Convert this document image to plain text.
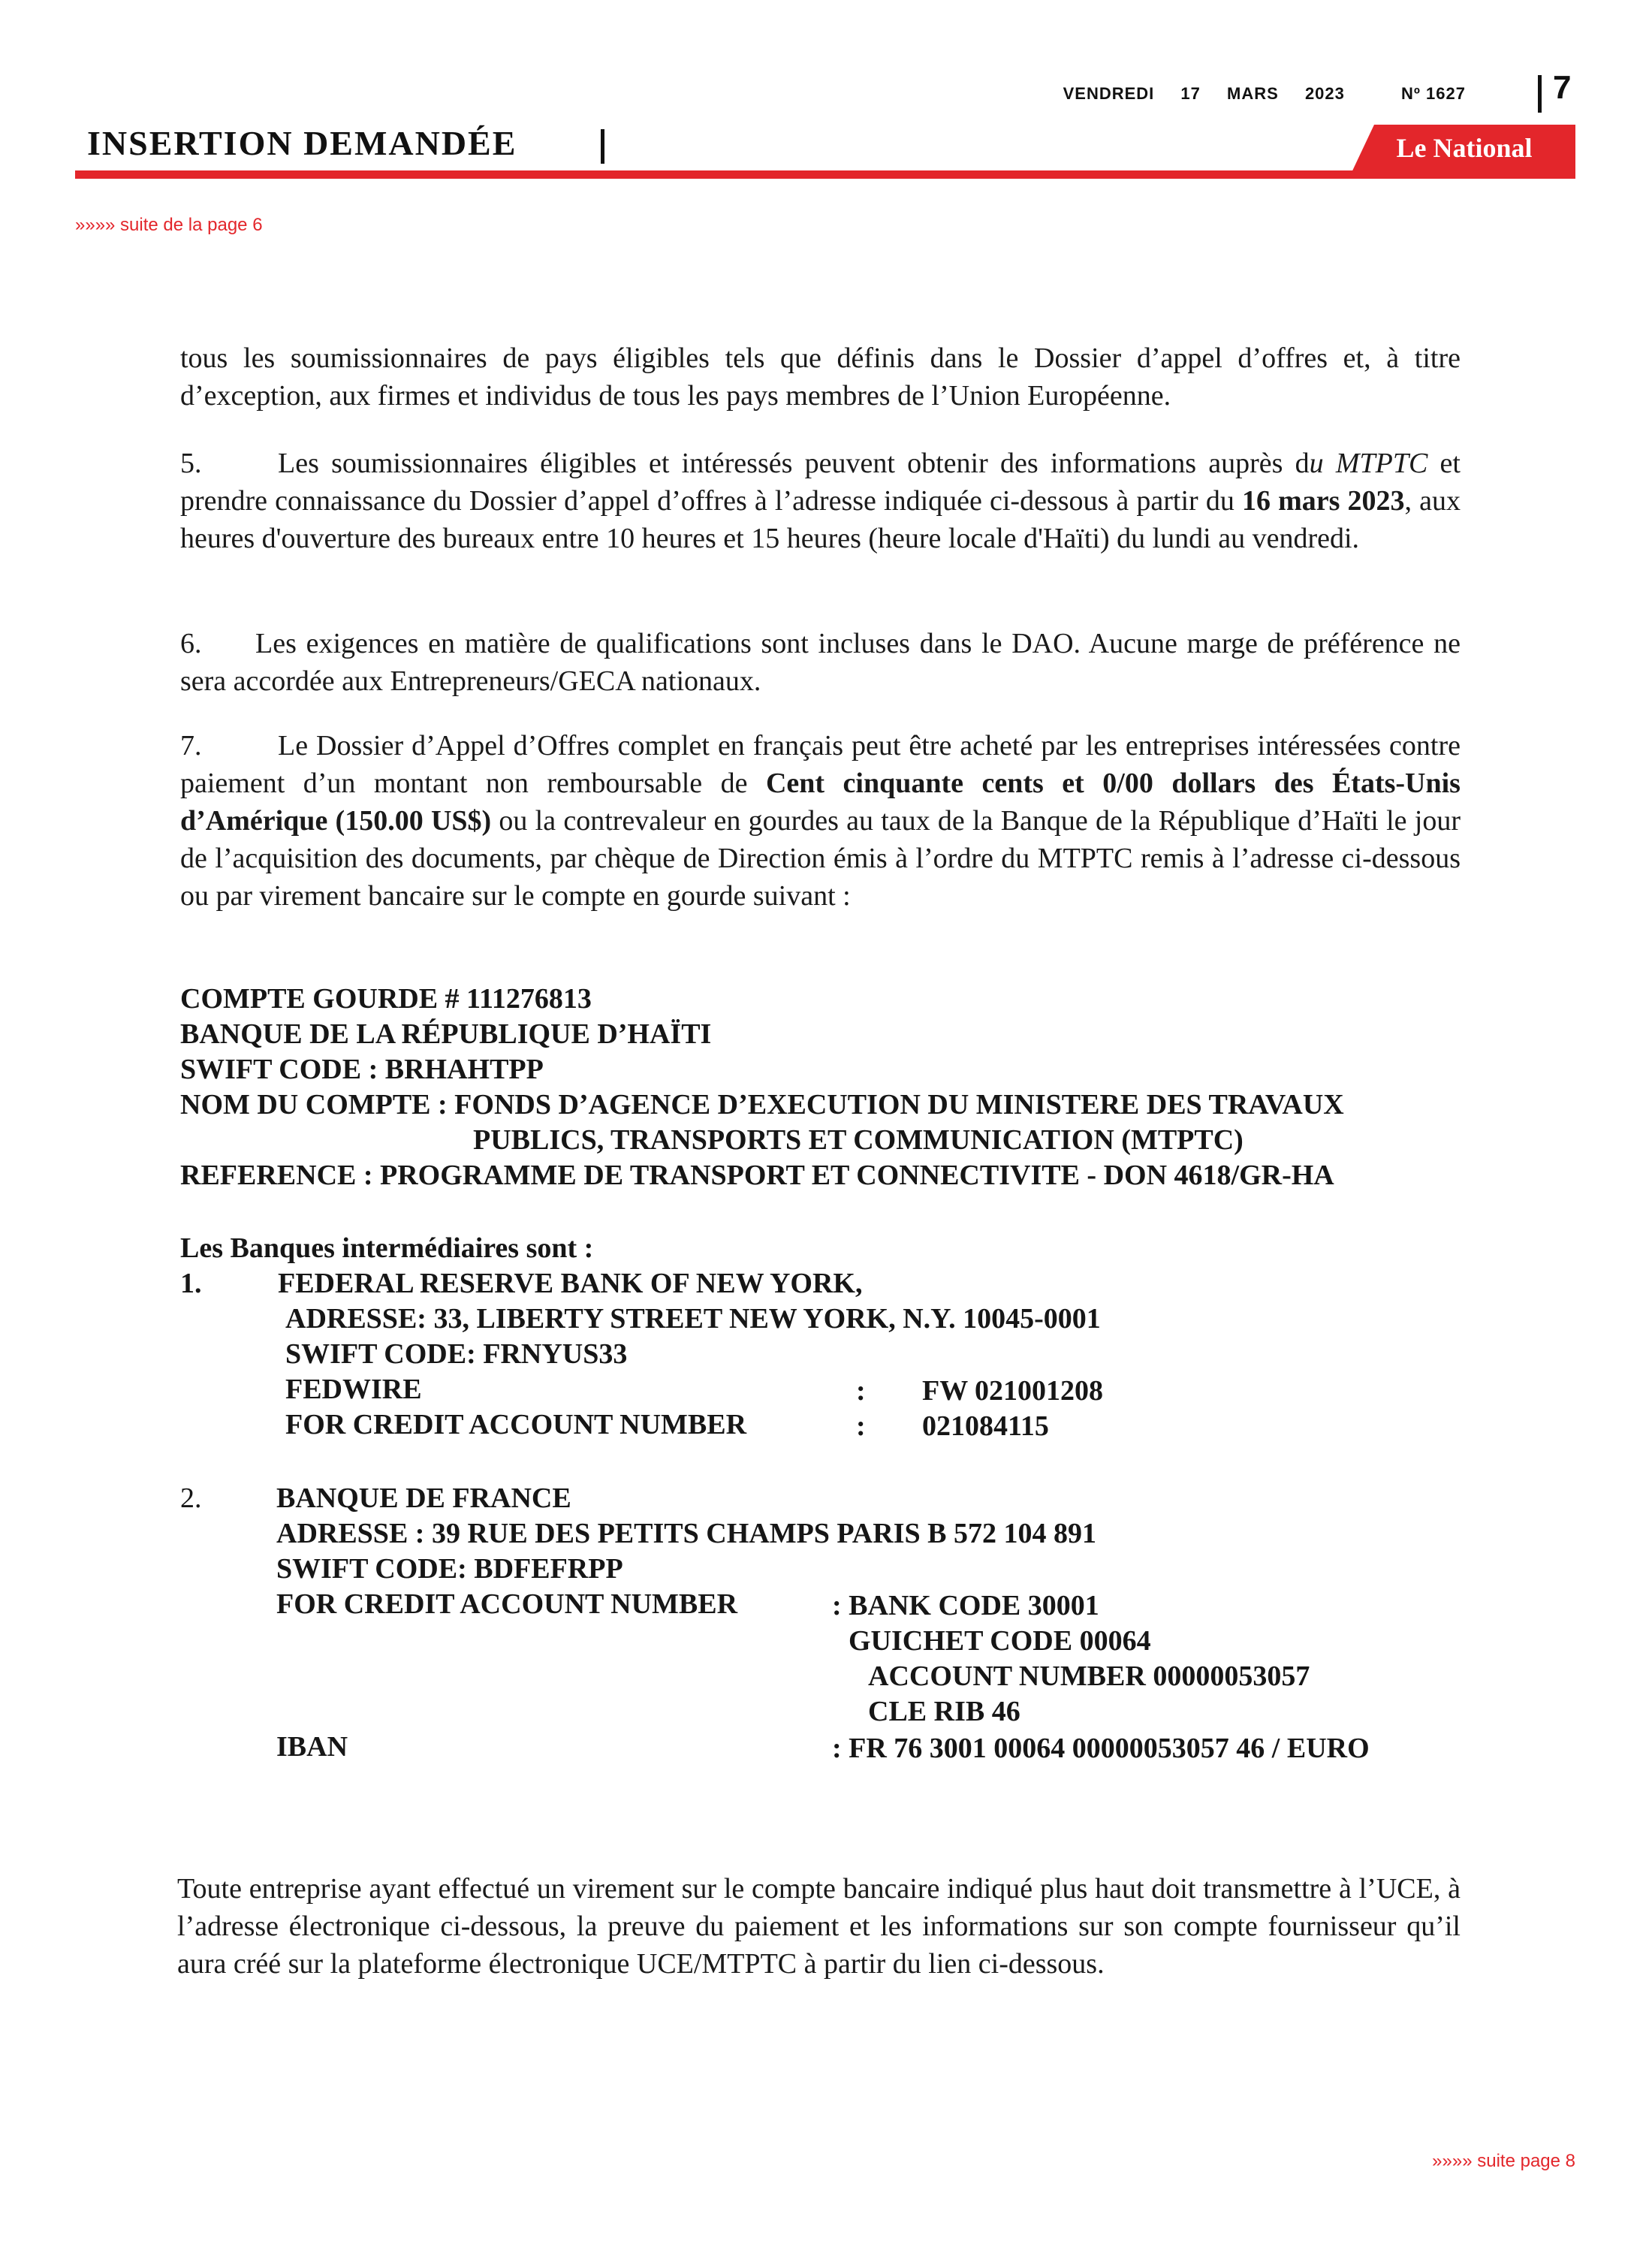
VENDREDI 17 MARS 2023	Nº 1627	7
INSERTION DEMANDÉE	Le National
»»»» suite de la page 6
tous les soumissionnaires de pays éligibles tels que définis dans le Dossier d’appel d’offres et, à titre d’exception, aux firmes et individus de tous les pays membres de l’Union Européenne.
5.	Les soumissionnaires éligibles et intéressés peuvent obtenir des informations auprès du MTPTC et prendre connaissance du Dossier d’appel d’offres à l’adresse indiquée ci-dessous à partir du 16 mars 2023, aux heures d'ouverture des bureaux entre 10 heures et 15 heures (heure locale d'Haïti) du lundi au vendredi.
6. Les exigences en matière de qualifications sont incluses dans le DAO. Aucune marge de préférence ne sera accordée aux Entrepreneurs/GECA nationaux.
7.	Le Dossier d’Appel d’Offres complet en français peut être acheté par les entreprises intéressées contre paiement d’un montant non remboursable de Cent cinquante cents et 0/00 dollars des États-Unis d’Amérique (150.00 US$) ou la contrevaleur en gourdes au taux de la Banque de la République d’Haïti le jour de l’acquisition des documents, par chèque de Direction émis à l’ordre du MTPTC remis à l’adresse ci-dessous ou par virement bancaire sur le compte en gourde suivant :
COMPTE GOURDE # 111276813
BANQUE DE LA RÉPUBLIQUE D’HAÏTI
SWIFT CODE : BRHAHTPP
NOM DU COMPTE : FONDS D’AGENCE D’EXECUTION DU MINISTERE DES TRAVAUX
PUBLICS, TRANSPORTS ET COMMUNICATION (MTPTC)
REFERENCE : PROGRAMME DE TRANSPORT ET CONNECTIVITE - DON 4618/GR-HA
Les Banques intermédiaires sont :
1.	FEDERAL RESERVE BANK OF NEW YORK,
ADRESSE: 33, LIBERTY STREET NEW YORK, N.Y. 10045-0001
SWIFT CODE: FRNYUS33
FEDWIRE	: FW 021001208
FOR CREDIT ACCOUNT NUMBER	: 021084115
2.	BANQUE DE FRANCE
ADRESSE : 39 RUE DES PETITS CHAMPS PARIS B 572 104 891
SWIFT CODE: BDFEFRPP
FOR CREDIT ACCOUNT NUMBER	: BANK CODE 30001
GUICHET CODE 00064
ACCOUNT NUMBER 00000053057
CLE RIB 46
IBAN	: FR 76 3001 00064 00000053057 46 / EURO
Toute entreprise ayant effectué un virement sur le compte bancaire indiqué plus haut doit transmettre à l’UCE, à l’adresse électronique ci-dessous, la preuve du paiement et les informations sur son compte fournisseur qu’il aura créé sur la plateforme électronique UCE/MTPTC à partir du lien ci-dessous.
»»»» suite page 8
